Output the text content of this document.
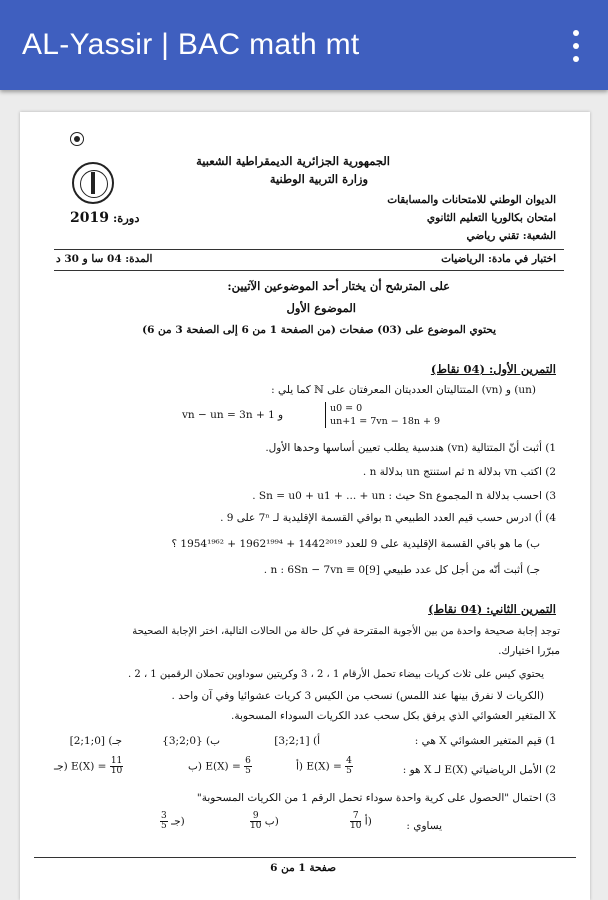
AL-Yassir | BAC math mt
الجمهورية الجزائرية الديمقراطية الشعبية
وزارة التربية الوطنية
الديوان الوطني للامتحانات والمسابقات
امتحان بكالوريا التعليم الثانوي
الشعبة: تقني رياضي
دورة: 2019
اختبار في مادة: الرياضيات
المدة: 04 سا و 30 د
على المترشح أن يختار أحد الموضوعين الآتيين:
الموضوع الأول
يحتوي الموضوع على (03) صفحات (من الصفحة 1 من 6 إلى الصفحة 3 من 6)
التمرين الأول: (04 نقاط)
(un) و (vn) المتتاليتان العدديتان المعرفتان على ℕ كما يلي :
u0 = 0
un+1 = 7vn − 18n + 9
و
vn − un = 3n + 1
1) أثبت أنّ المتتالية (vn) هندسية يطلب تعيين أساسها وحدها الأول.
2) اكتب vn بدلالة n ثم استنتج un بدلالة n .
3) احسب بدلالة n المجموع Sn حيث : Sn = u0 + u1 + ... + un .
4) أ) ادرس حسب قيم العدد الطبيعي n بواقي القسمة الإقليدية لـ 7ⁿ على 9 .
ب) ما هو باقي القسمة الإقليدية على 9 للعدد 1442²⁰¹⁹ + 1962¹⁹⁹⁴ + 1954¹⁹⁶² ؟
جـ) أثبت أنّه من أجل كل عدد طبيعي n : 6Sn − 7vn ≡ 0[9] .
التمرين الثاني: (04 نقاط)
توجد إجابة صحيحة واحدة من بين الأجوبة المقترحة في كل حالة من الحالات التالية، اختر الإجابة الصحيحة
مبرّرا اختيارك.
يحتوي كيس على ثلاث كريات بيضاء تحمل الأرقام 1 ، 2 ، 3 وكريتين سوداوين تحملان الرقمين 1 ، 2 .
(الكريات لا نفرق بينها عند اللمس) نسحب من الكيس 3 كريات عشوائيا وفي آن واحد .
X المتغير العشوائي الذي يرفق بكل سحب عدد الكريات السوداء المسحوبة.
1) قيم المتغير العشوائي X هي :
أ) [1;2;3]
ب) {0;2;3}
جـ) [0;1;2]
2) الأمل الرياضياتي E(X) لـ X هو :
أ) $E(X) = \frac{4}{5}$
ب) $E(X) = \frac{6}{5}$
جـ) $E(X) = \frac{11}{10}$
3) احتمال "الحصول على كرية واحدة سوداء تحمل الرقم 1 من الكريات المسحوبة"
يساوي :
$\frac{7}{10}$ أ)
$\frac{9}{10}$ ب)
$\frac{3}{5}$ جـ)
صفحة 1 من 6
